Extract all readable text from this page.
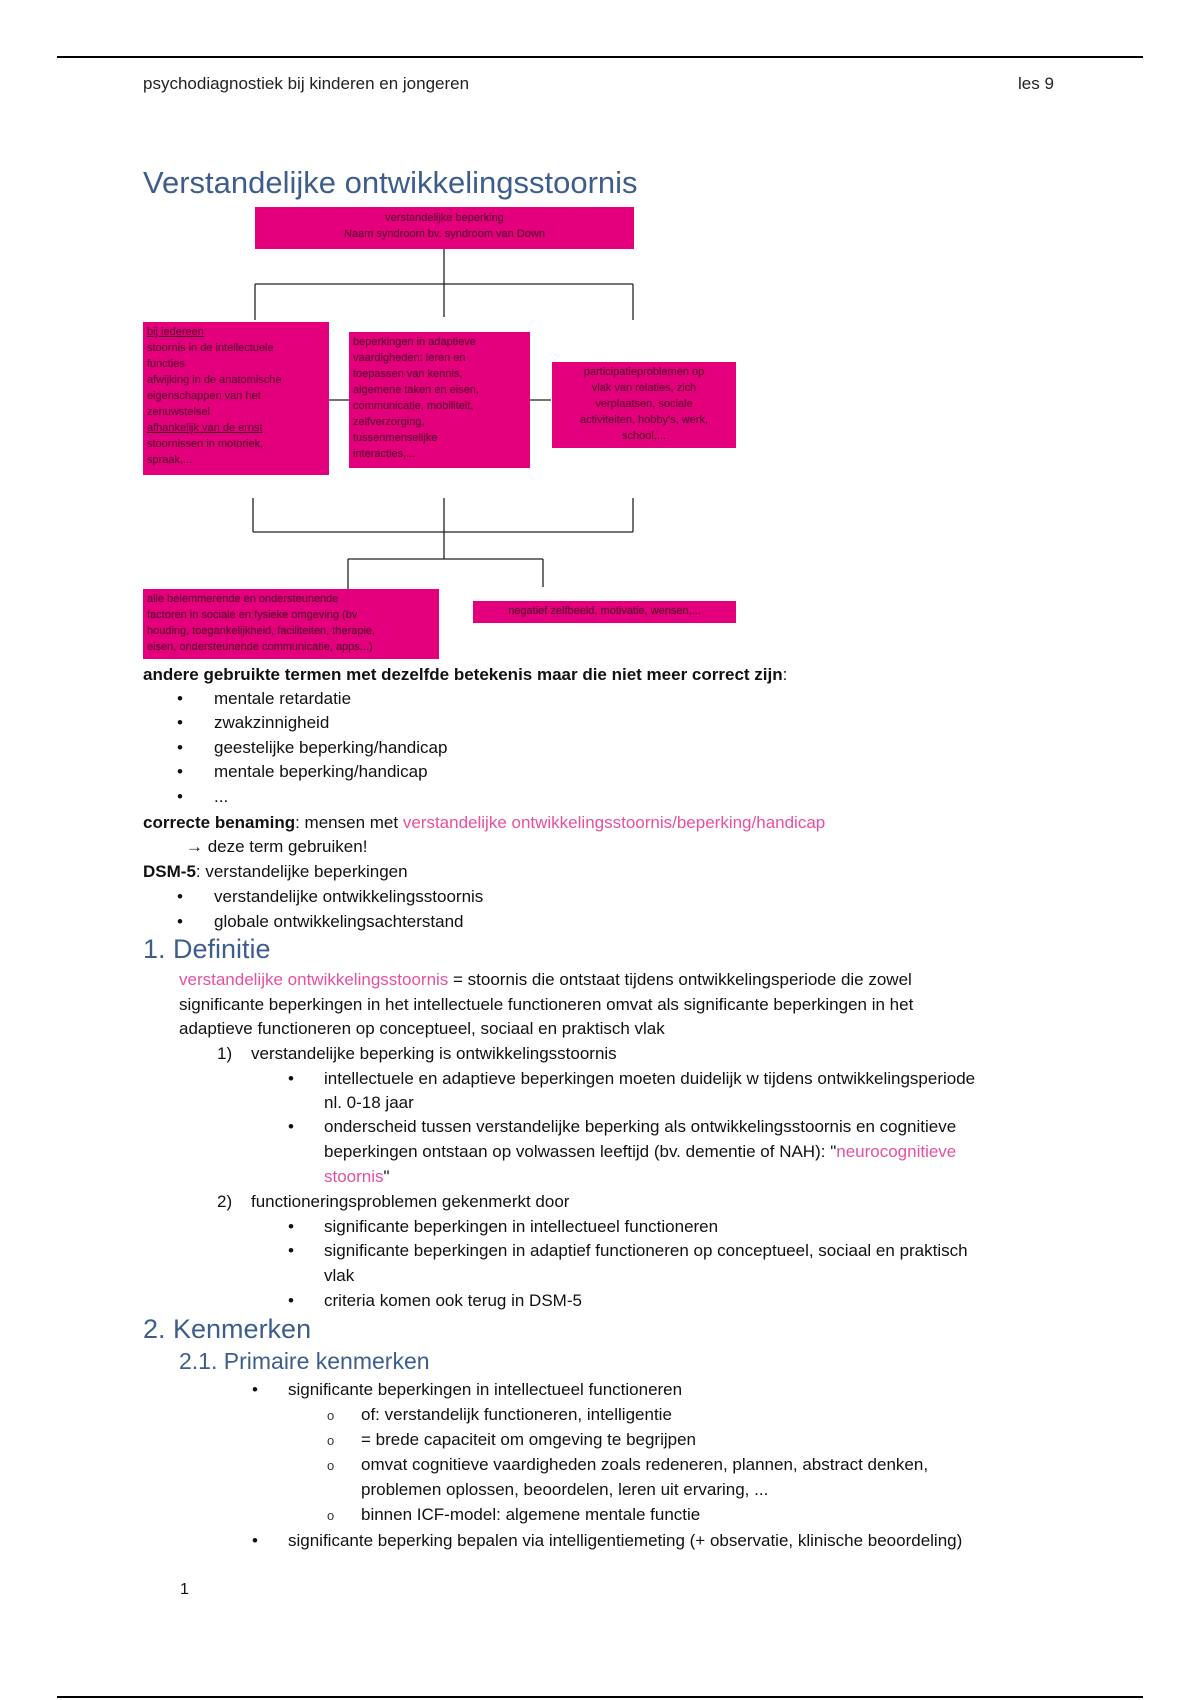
psychodiagnostiek bij kinderen en jongeren	les 9
Verstandelijke ontwikkelingsstoornis
verstandelijke beperking
Naam syndroom bv. syndroom van Down
bij iedereen
stoornis in de intellectuele
functies
afwijking in de anatomische
eigenschappen van het
zenuwstelsel
afhankelijk van de ernst
stoornissen in motoriek,
spraak,...
beperkingen in adaptieve
vaardigheden: leren en
toepassen van kennis,
algemene taken en eisen,
communicatie, mobiliteit,
zelfverzorging,
tussenmenselijke
interacties,...
participatieproblemen op
vlak van relaties, zich
verplaatsen, sociale
activiteiten, hobby's, werk,
school,...
alle belemmerende en ondersteunende
factoren in sociale en fysieke omgeving (bv
houding, toegankelijkheid, faciliteiten, therapie,
eisen, ondersteunende communicatie, apps...)
negatief zelfbeeld, motivatie, wensen,...
andere gebruikte termen met dezelfde betekenis maar die niet meer correct zijn:
• mentale retardatie
• zwakzinnigheid
• geestelijke beperking/handicap
• mentale beperking/handicap
• ...
correcte benaming: mensen met verstandelijke ontwikkelingsstoornis/beperking/handicap
→ deze term gebruiken!
DSM-5: verstandelijke beperkingen
• verstandelijke ontwikkelingsstoornis
• globale ontwikkelingsachterstand
1. Definitie
verstandelijke ontwikkelingsstoornis = stoornis die ontstaat tijdens ontwikkelingsperiode die zowel
significante beperkingen in het intellectuele functioneren omvat als significante beperkingen in het
adaptieve functioneren op conceptueel, sociaal en praktisch vlak
1) verstandelijke beperking is ontwikkelingsstoornis
• intellectuele en adaptieve beperkingen moeten duidelijk w tijdens ontwikkelingsperiode
nl. 0-18 jaar
• onderscheid tussen verstandelijke beperking als ontwikkelingsstoornis en cognitieve
beperkingen ontstaan op volwassen leeftijd (bv. dementie of NAH): "neurocognitieve
stoornis"
2) functioneringsproblemen gekenmerkt door
• significante beperkingen in intellectueel functioneren
• significante beperkingen in adaptief functioneren op conceptueel, sociaal en praktisch
vlak
• criteria komen ook terug in DSM-5
2. Kenmerken
2.1. Primaire kenmerken
• significante beperkingen in intellectueel functioneren
o of: verstandelijk functioneren, intelligentie
o = brede capaciteit om omgeving te begrijpen
o omvat cognitieve vaardigheden zoals redeneren, plannen, abstract denken,
problemen oplossen, beoordelen, leren uit ervaring, ...
o binnen ICF-model: algemene mentale functie
• significante beperking bepalen via intelligentiemeting (+ observatie, klinische beoordeling)
1
